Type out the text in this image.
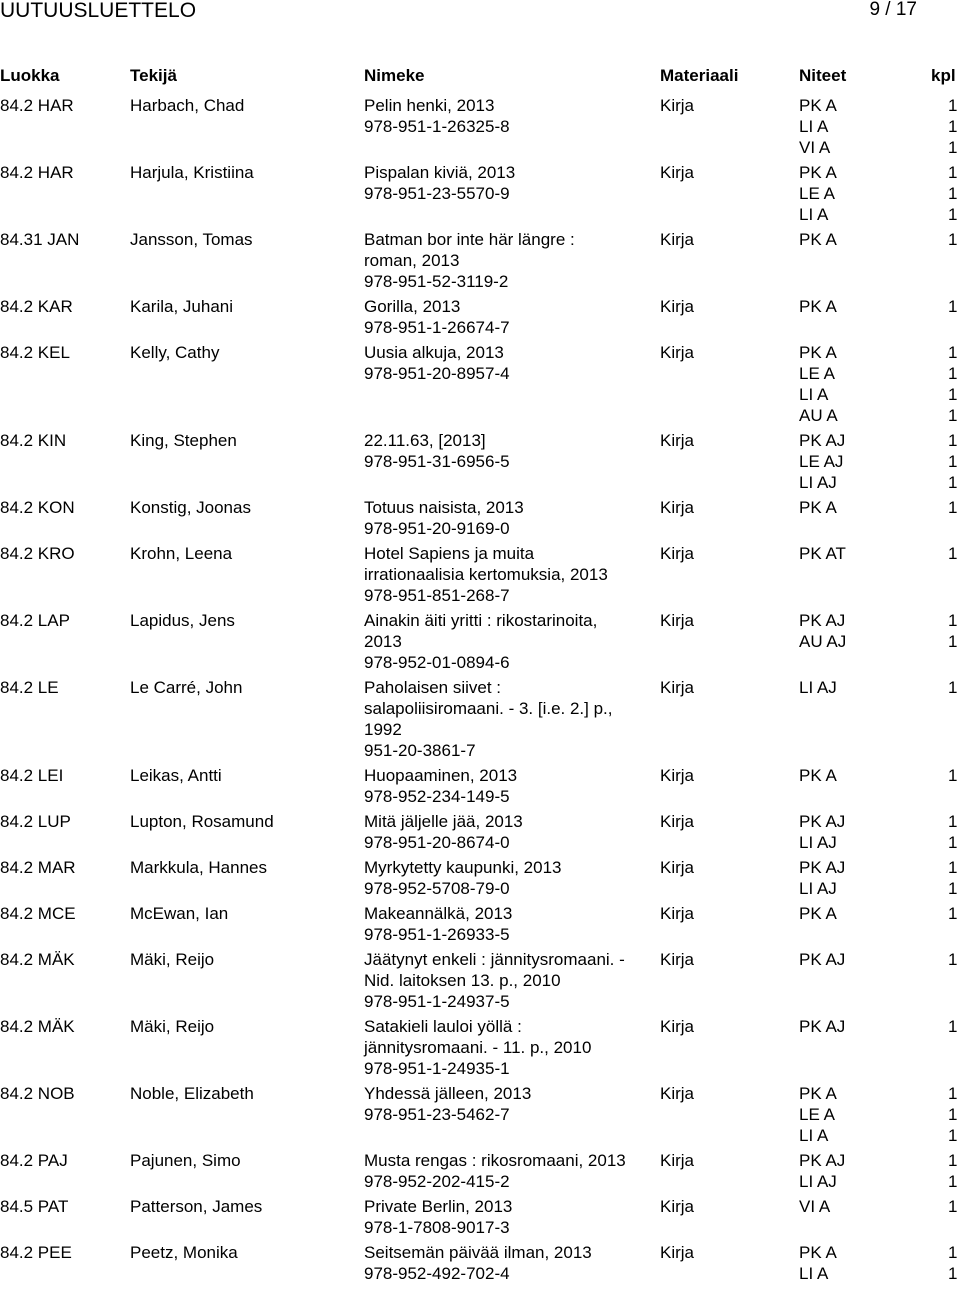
UUTUUSLUETTELO	9 / 17
Luokka	Tekijä	Nimeke	Materiaali	Niteet	kpl
84.2 HAR	Harbach, Chad	Pelin henki, 2013
978-951-1-26325-8
Kirja	PK A	1
LI A	1
VI A	1
84.2 HAR	Harjula, Kristiina	Pispalan kiviä, 2013
978-951-23-5570-9
Kirja	PK A	1
LE A	1
LI A	1
84.31 JAN	Jansson, Tomas	Batman bor inte här längre :
roman, 2013
978-951-52-3119-2
Kirja	PK A	1
84.2 KAR	Karila, Juhani	Gorilla, 2013
978-951-1-26674-7
Kirja	PK A	1
84.2 KEL	Kelly, Cathy	Uusia alkuja, 2013
978-951-20-8957-4
Kirja	PK A	1
LE A	1
LI A	1
AU A	1
84.2 KIN	King, Stephen	22.11.63, [2013]
978-951-31-6956-5
Kirja	PK AJ	1
LE AJ	1
LI AJ	1
84.2 KON	Konstig, Joonas	Totuus naisista, 2013
978-951-20-9169-0
Kirja	PK A	1
84.2 KRO	Krohn, Leena	Hotel Sapiens ja muita
irrationaalisia kertomuksia, 2013
978-951-851-268-7
Kirja	PK AT	1
84.2 LAP	Lapidus, Jens	Ainakin äiti yritti : rikostarinoita,
2013
978-952-01-0894-6
Kirja	PK AJ	1
AU AJ	1
84.2 LE	Le Carré, John	Paholaisen siivet :
salapoliisiromaani. - 3. [i.e. 2.] p.,
1992
951-20-3861-7
Kirja	LI AJ	1
84.2 LEI	Leikas, Antti	Huopaaminen, 2013
978-952-234-149-5
Kirja	PK A	1
84.2 LUP	Lupton, Rosamund	Mitä jäljelle jää, 2013
978-951-20-8674-0
Kirja	PK AJ	1
LI AJ	1
84.2 MAR	Markkula, Hannes	Myrkytetty kaupunki, 2013
978-952-5708-79-0
Kirja	PK AJ	1
LI AJ	1
84.2 MCE	McEwan, Ian	Makeannälkä, 2013
978-951-1-26933-5
Kirja	PK A	1
84.2 MÄK	Mäki, Reijo	Jäätynyt enkeli : jännitysromaani. -
Nid. laitoksen 13. p., 2010
978-951-1-24937-5
Kirja	PK AJ	1
84.2 MÄK	Mäki, Reijo	Satakieli lauloi yöllä :
jännitysromaani. - 11. p., 2010
978-951-1-24935-1
Kirja	PK AJ	1
84.2 NOB	Noble, Elizabeth	Yhdessä jälleen, 2013
978-951-23-5462-7
Kirja	PK A	1
LE A	1
LI A	1
84.2 PAJ	Pajunen, Simo	Musta rengas : rikosromaani, 2013
978-952-202-415-2
Kirja	PK AJ	1
LI AJ	1
84.5 PAT	Patterson, James	Private Berlin, 2013
978-1-7808-9017-3
Kirja	VI A	1
84.2 PEE	Peetz, Monika	Seitsemän päivää ilman, 2013
978-952-492-702-4
Kirja	PK A	1
LI A	1
